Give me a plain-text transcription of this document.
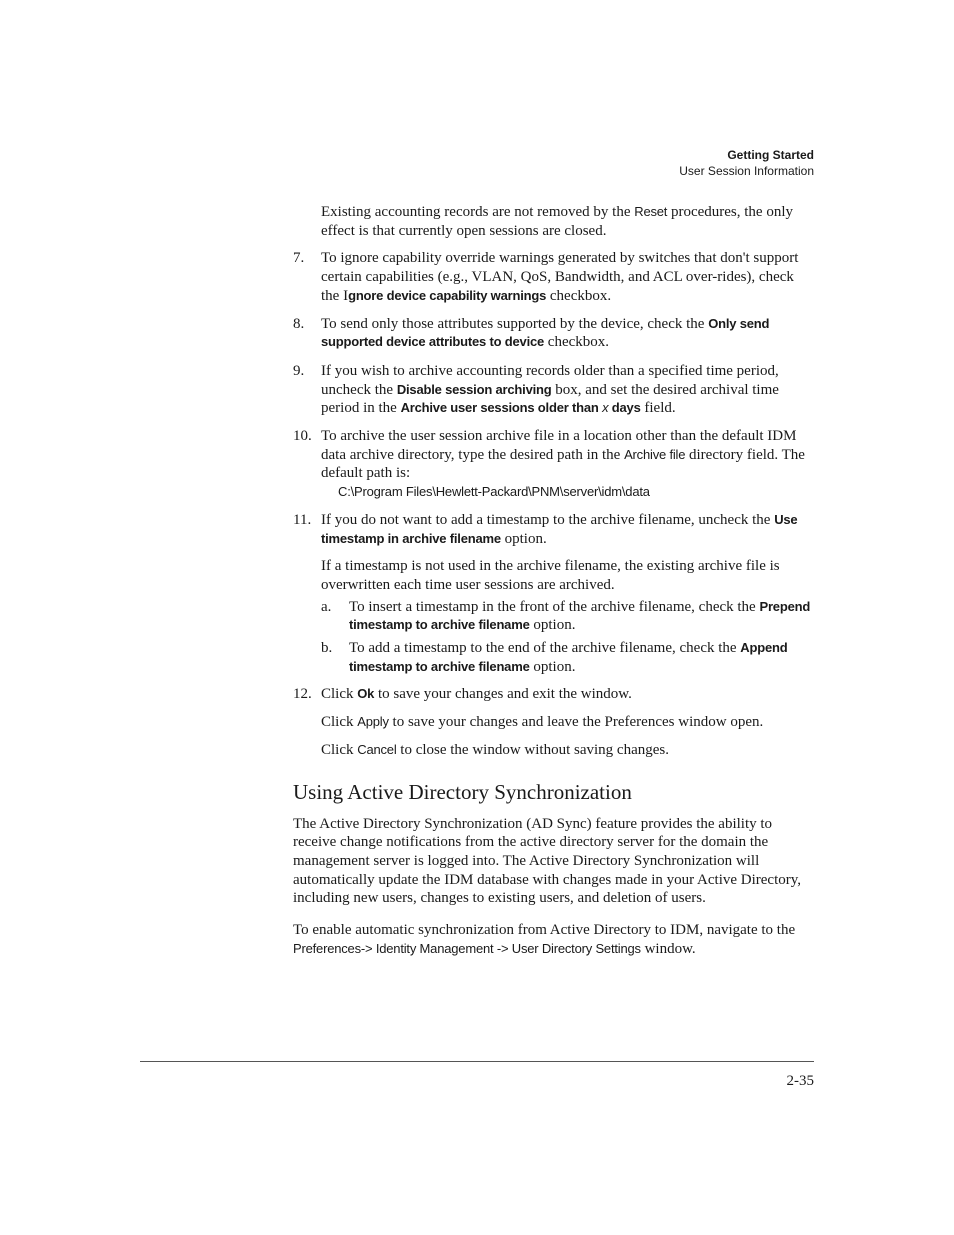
Getting Started
User Session Information

Existing accounting records are not removed by the Reset procedures, the only effect is that currently open sessions are closed.

7. To ignore capability override warnings generated by switches that don't support certain capabilities (e.g., VLAN, QoS, Bandwidth, and ACL over-rides), check the Ignore device capability warnings checkbox.
8. To send only those attributes supported by the device, check the Only send supported device attributes to device checkbox.
9. If you wish to archive accounting records older than a specified time period, uncheck the Disable session archiving box, and set the desired archival time period in the Archive user sessions older than x days field.
10. To archive the user session archive file in a location other than the default IDM data archive directory, type the desired path in the Archive file directory field. The default path is:
C:\Program Files\Hewlett-Packard\PNM\server\idm\data
11. If you do not want to add a timestamp to the archive filename, uncheck the Use timestamp in archive filename option.

If a timestamp is not used in the archive filename, the existing archive file is overwritten each time user sessions are archived.

a. To insert a timestamp in the front of the archive filename, check the Prepend timestamp to archive filename option.
b. To add a timestamp to the end of the archive filename, check the Append timestamp to archive filename option.
12. Click Ok to save your changes and exit the window.

Click Apply to save your changes and leave the Preferences window open.

Click Cancel to close the window without saving changes.

Using Active Directory Synchronization

The Active Directory Synchronization (AD Sync) feature provides the ability to receive change notifications from the active directory server for the domain the management server is logged into. The Active Directory Synchronization will automatically update the IDM database with changes made in your Active Directory, including new users, changes to existing users, and deletion of users.

To enable automatic synchronization from Active Directory to IDM, navigate to the Preferences-> Identity Management -> User Directory Settings window.

2-35
